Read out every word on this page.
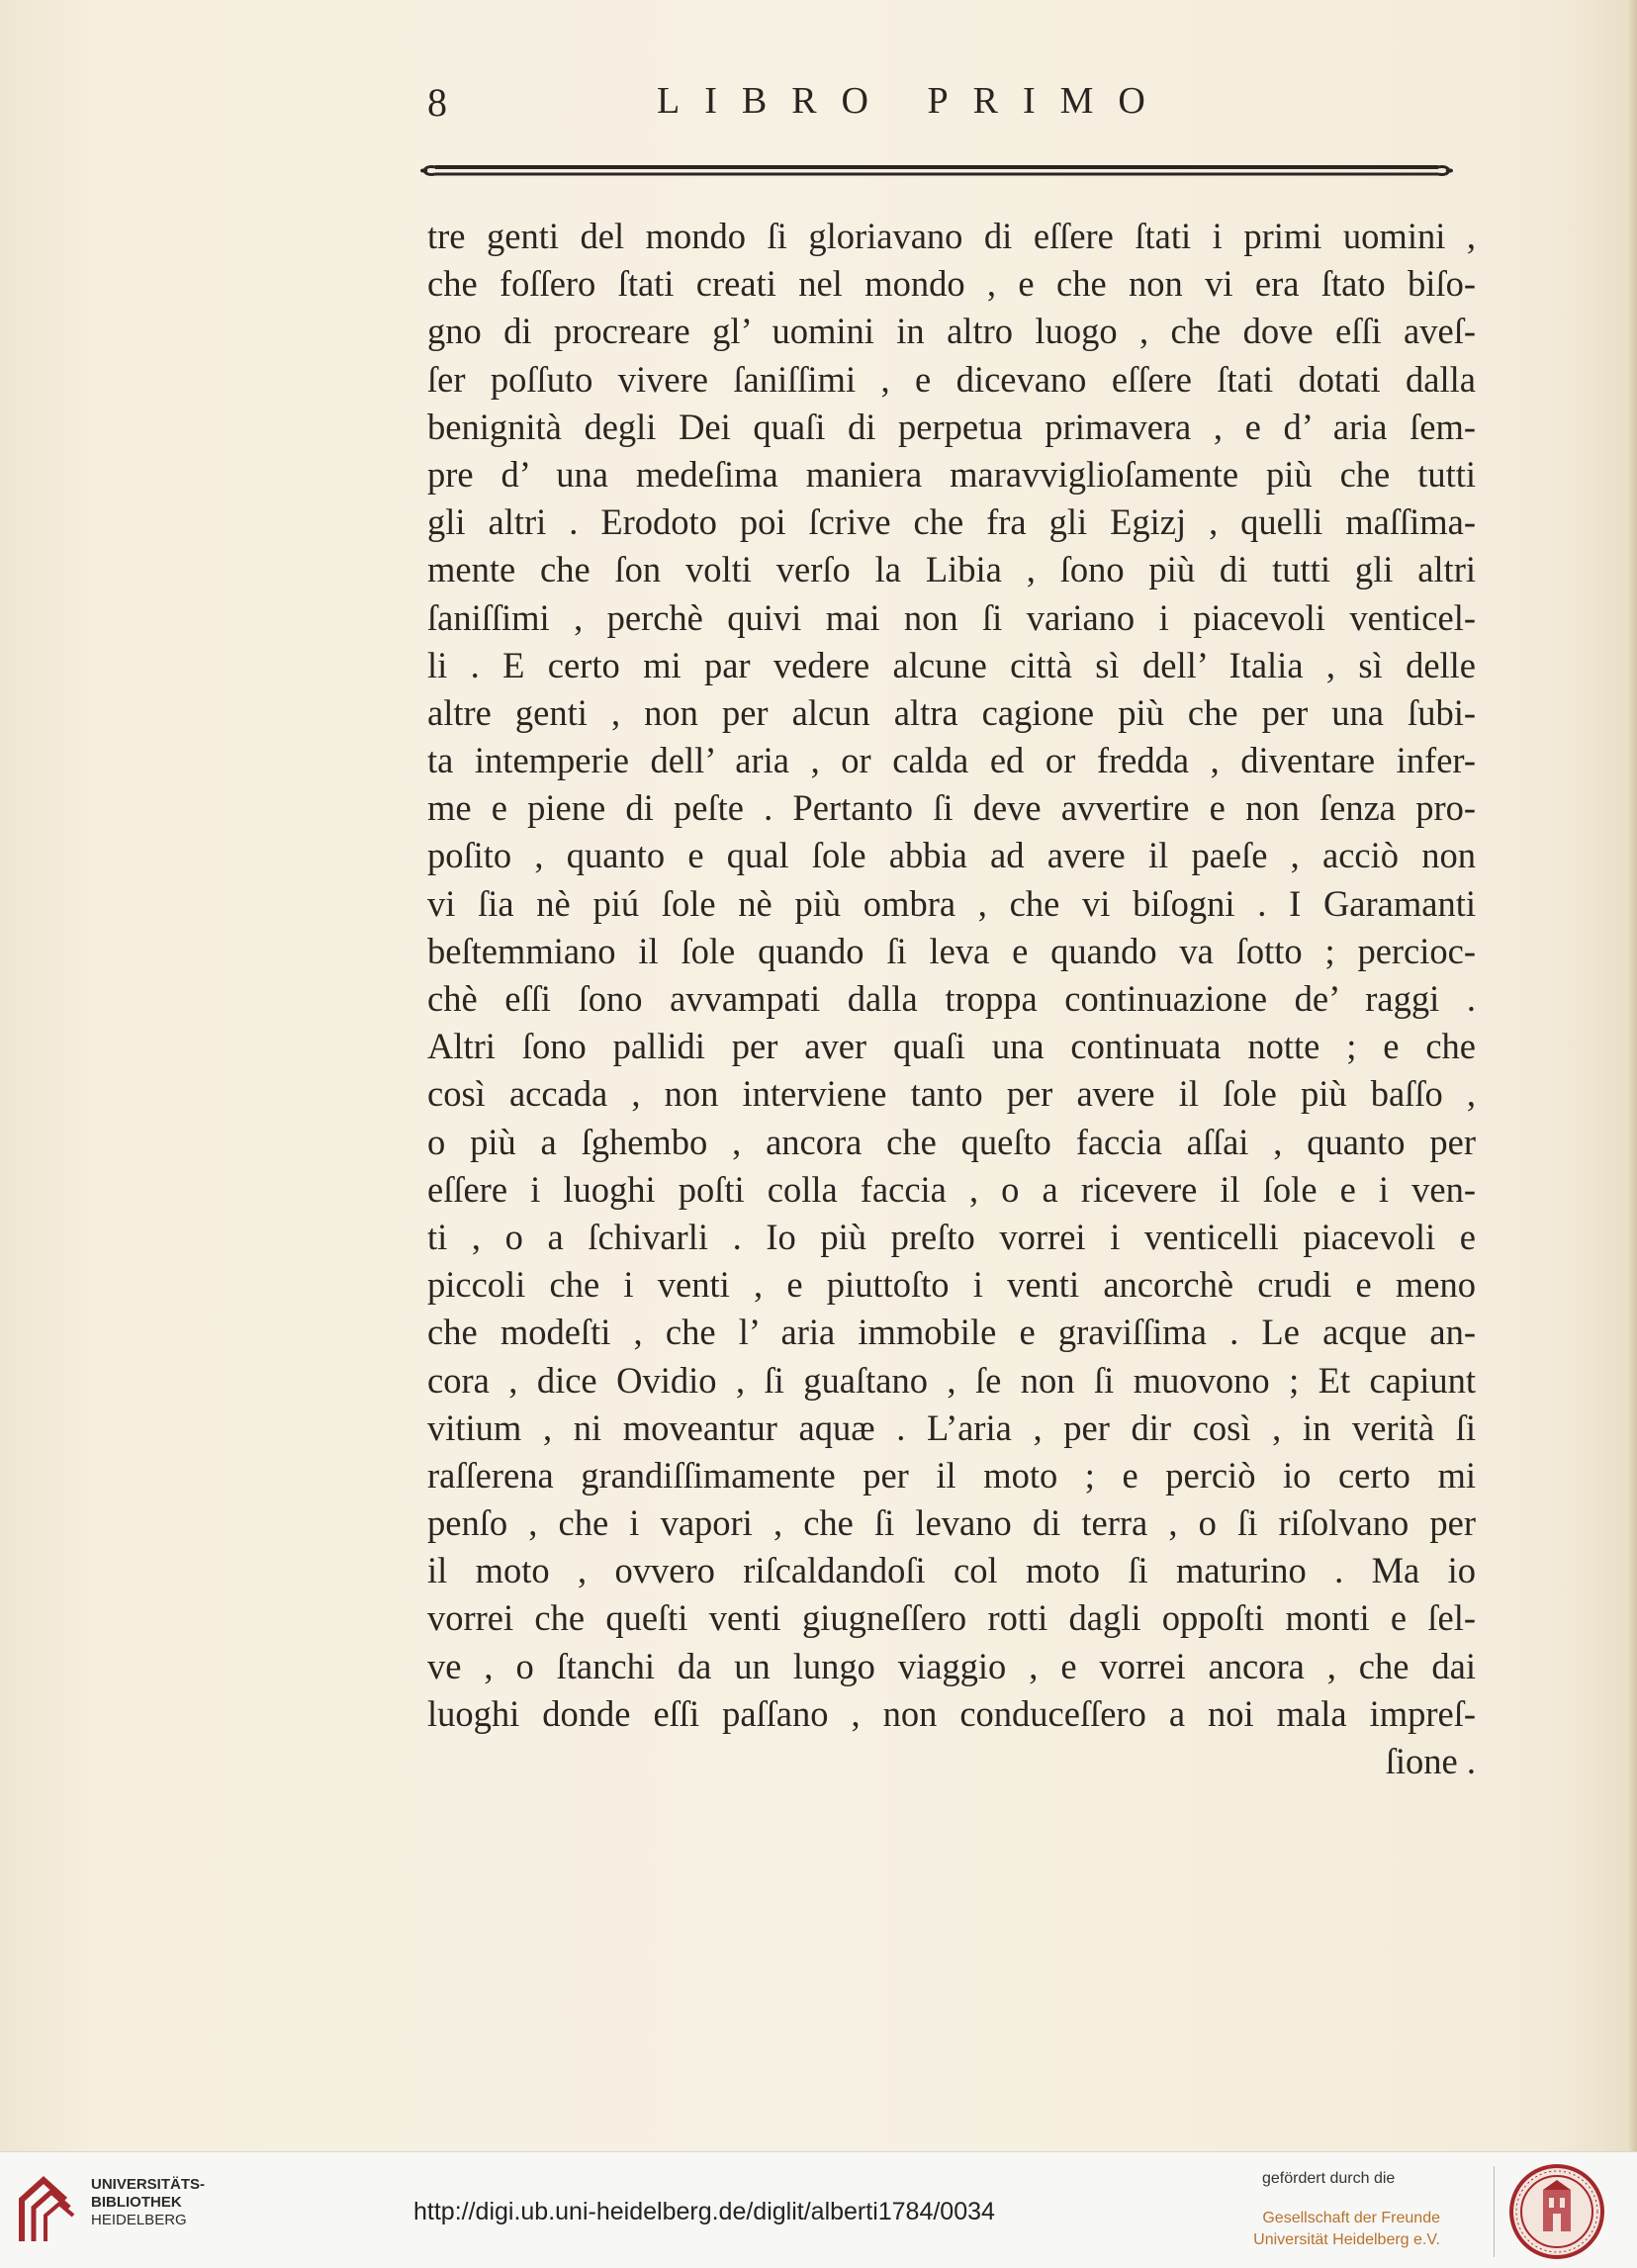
8	LIBRO PRIMO
tre genti del mondo ſi gloriavano di eſſere ſtati i primi uomini ,
che foſſero ſtati creati nel mondo , e che non vi era ſtato biſo-
gno di procreare gl’ uomini in altro luogo , che dove eſſi aveſ-
ſer poſſuto vivere ſaniſſimi , e dicevano eſſere ſtati dotati dalla
benignità degli Dei quaſi di perpetua primavera , e d’ aria ſem-
pre d’ una medeſima maniera maravviglioſamente più che tutti
gli altri . Erodoto poi ſcrive che fra gli Egizj , quelli maſſima-
mente che ſon volti verſo la Libia , ſono più di tutti gli altri
ſaniſſimi , perchè quivi mai non ſi variano i piacevoli venticel-
li . E certo mi par vedere alcune città sì dell’ Italia , sì delle
altre genti , non per alcun altra cagione più che per una ſubi-
ta intemperie dell’ aria , or calda ed or fredda , diventare infer-
me e piene di peſte . Pertanto ſi deve avvertire e non ſenza pro-
poſito , quanto e qual ſole abbia ad avere il paeſe , acciò non
vi ſia nè piú ſole nè più ombra , che vi biſogni . I Garamanti
beſtemmiano il ſole quando ſi leva e quando va ſotto ; percioc-
chè eſſi ſono avvampati dalla troppa continuazione de’ raggi .
Altri ſono pallidi per aver quaſi una continuata notte ; e che
così accada , non interviene tanto per avere il ſole più baſſo ,
o più a ſghembo , ancora che queſto faccia aſſai , quanto per
eſſere i luoghi poſti colla faccia , o a ricevere il ſole e i ven-
ti , o a ſchivarli . Io più preſto vorrei i venticelli piacevoli e
piccoli che i venti , e piuttoſto i venti ancorchè crudi e meno
che modeſti , che l’ aria immobile e graviſſima . Le acque an-
cora , dice Ovidio , ſi guaſtano , ſe non ſi muovono ; Et capiunt
vitium , ni moveantur aquæ . L’aria , per dir così , in verità ſi
raſſerena grandiſſimamente per il moto ; e perciò io certo mi
penſo , che i vapori , che ſi levano di terra , o ſi riſolvano per
il moto , ovvero riſcaldandoſi col moto ſi maturino . Ma io
vorrei che queſti venti giugneſſero rotti dagli oppoſti monti e ſel-
ve , o ſtanchi da un lungo viaggio , e vorrei ancora , che dai
luoghi donde eſſi paſſano , non conduceſſero a noi mala impreſ-
ſione .
UNIVERSITÄTS-
BIBLIOTHEK
HEIDELBERG	http://digi.ub.uni-heidelberg.de/diglit/alberti1784/0034
gefördert durch die
Gesellschaft der Freunde
Universität Heidelberg e.V.
